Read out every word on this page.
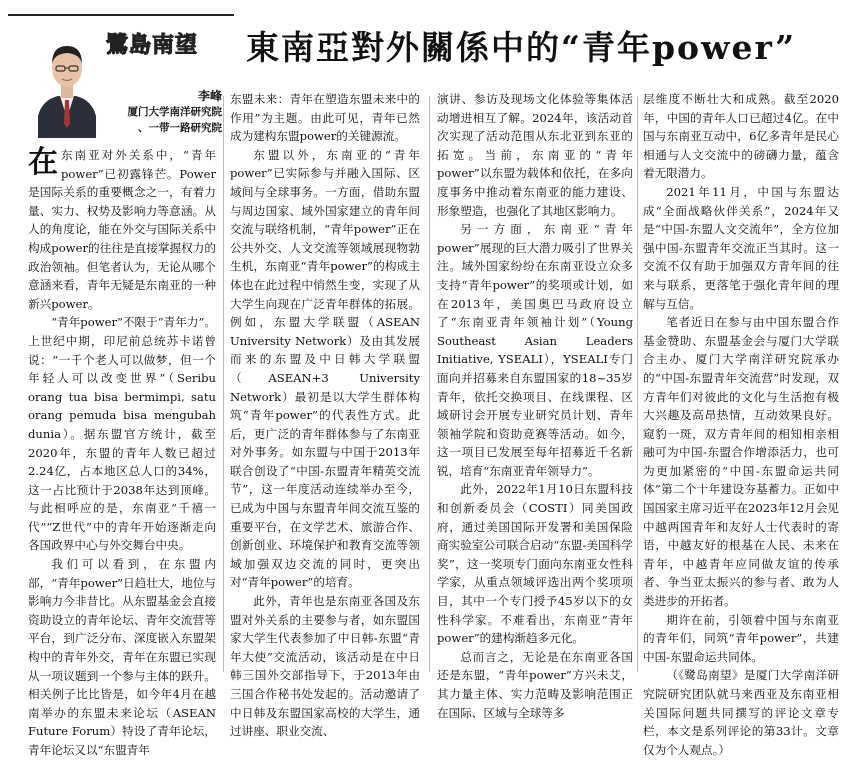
鷺島南望 東南亞對外關係中的“青年power”
李峰
厦门大学南洋研究院
、一带一路研究院

在东南亚对外关系中，“青年power”已初露锋芒。Power是国际关系的重要概念之一，有着力量、实力、权势及影响力等意涵。从人的角度论，能在外交与国际关系中构成power的往往是直接掌握权力的政治领袖。但笔者认为，无论从哪个意涵来看，青年无疑是东南亚的一种新兴power。

“青年power”不限于“青年力”。上世纪中期，印尼前总统苏卡诺曾说：“一千个老人可以做梦，但一个年轻人可以改变世界”（Seribu orang tua bisa bermimpi, satu orang pemuda bisa mengubah dunia）。据东盟官方统计，截至2020年，东盟的青年人数已超过2.24亿，占本地区总人口的34%，这一占比预计于2038年达到顶峰。与此相呼应的是，东南亚“千禧一代”“Z世代”中的青年开始逐渐走向各国政界中心与外交舞台中央。

我们可以看到，在东盟内部，“青年power”日趋壮大，地位与影响力今非昔比。从东盟基金会直接资助设立的青年论坛、青年交流营等平台，到广泛分布、深度嵌入东盟架构中的青年外交，青年在东盟已实现从一项议题到一个参与主体的跃升。相关例子比比皆是，如今年4月在越南举办的东盟未来论坛（ASEAN Future Forum）特设了青年论坛，青年论坛又以“东盟青年

东盟未来：青年在塑造东盟未来中的作用”为主题。由此可见，青年已然成为建构东盟power的关键源流。

东盟以外，东南亚的“青年power”已实际参与并融入国际、区域间与全球事务。一方面，借助东盟与周边国家、域外国家建立的青年间交流与联络机制，“青年power”正在公共外交、人文交流等领域展现物勃生机，东南亚“青年power”的构成主体也在此过程中悄然生变，实现了从大学生向现在广泛青年群体的拓展。例如，东盟大学联盟（ASEAN University Network）及由其发展而来的东盟及中日韩大学联盟（ASEAN+3 University Network）最初是以大学生群体构筑“青年power”的代表性方式。此后，更广泛的青年群体参与了东南亚对外事务。如东盟与中国于2013年联合创设了“中国-东盟青年精英交流节”，这一年度活动连续举办至今，已成为中国与东盟青年间交流互鉴的重要平台，在文学艺术、旅游合作、创新创业、环境保护和教育交流等领域加强双边交流的同时，更突出对“青年power”的培育。

此外，青年也是东南亚各国及东盟对外关系的主要参与者，如东盟国家大学生代表参加了中日韩-东盟“青年大使”交流活动，该活动是在中日韩三国外交部指导下，于2013年由三国合作秘书处发起的。活动邀请了中日韩及东盟国家高校的大学生，通过讲座、职业交流、

演讲、参访及现场文化体验等集体活动增进相互了解。2024年，该活动首次实现了活动范围从东北亚到东亚的拓宽。当前，东南亚的“青年power”以东盟为载体和依托，在多向度事务中推动着东南亚的能力建设、形象塑造，也强化了其地区影响力。

另一方面，东南亚“青年power”展现的巨大潜力吸引了世界关注。域外国家纷纷在东南亚设立众多支持“青年power”的奖项或计划，如在2013年，美国奥巴马政府设立了“东南亚青年领袖计划”（Young Southeast Asian Leaders Initiative, YSEALI），YSEALI专门面向并招募来自东盟国家的18~35岁青年，依托交换项目、在线课程、区域研讨会开展专业研究员计划、青年领袖学院和资助竞赛等活动。如今，这一项目已发展至每年招募近千名新锐，培育“东南亚青年领导力”。

此外，2022年1月10日东盟科技和创新委员会（COSTI）同美国政府，通过美国国际开发署和美国保险商实验室公司联合启动“东盟-美国科学奖”，这一奖项专门面向东南亚女性科学家，从重点领域评选出两个奖项项目，其中一个专门授予45岁以下的女性科学家。不难看出，东南亚“青年power”的建构渐趋多元化。

总而言之，无论是在东南亚各国还是东盟，“青年power”方兴未艾，其力量主体、实力范畴及影响范围正在国际、区域与全球等多

层维度不断壮大和成熟。截至2020年，中国的青年人口已超过4亿。在中国与东南亚互动中，6亿多青年是民心相通与人文交流中的磅礴力量，蕴含着无限潜力。

2021年11月，中国与东盟达成“全面战略伙伴关系”，2024年又是“中国-东盟人文交流年”，全方位加强中国-东盟青年交流正当其时。这一交流不仅有助于加强双方青年间的往来与联系，更落笔于强化青年间的理解与互信。

笔者近日在参与由中国东盟合作基金赞助、东盟基金会与厦门大学联合主办、厦门大学南洋研究院承办的“中国-东盟青年交流营”时发现，双方青年们对彼此的文化与生活抱有极大兴趣及高昂热情，互动效果良好。窥豹一斑，双方青年间的相知相亲相融可为中国-东盟合作增添活力，也可为更加紧密的“中国-东盟命运共同体”第二个十年建设夯基蓄力。正如中国国家主席习近平在2023年12月会见中越两国青年和友好人士代表时的寄语，中越友好的根基在人民、未来在青年，中越青年应同做友谊的传承者、争当亚太振兴的参与者、敢为人类进步的开拓者。

期许在前，引领着中国与东南亚的青年们，同筑“青年power”，共建中国-东盟命运共同体。

（《鹭岛南望》是厦门大学南洋研究院研究团队就马来西亚及东南亚相关国际问题共同撰写的评论文章专栏，本文是系列评论的第33计。文章仅为个人观点。）
